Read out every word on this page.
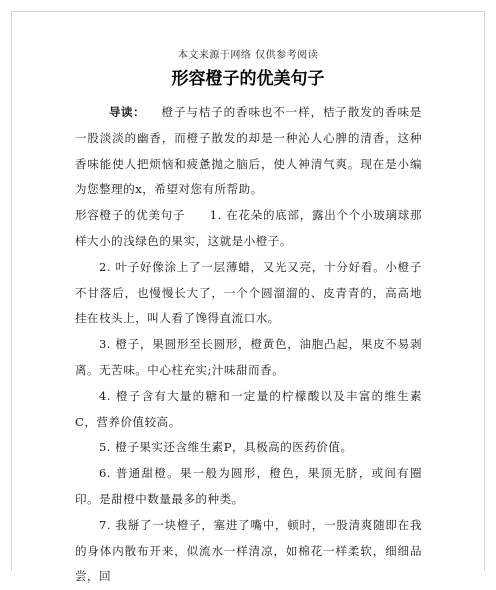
本文来源于网络 仅供参考阅读
形容橙子的优美句子

导读： 橙子与桔子的香味也不一样，桔子散发的香味是一股淡淡的幽香，而橙子散发的却是一种沁人心脾的清香，这种香味能使人把烦恼和疲惫抛之脑后，使人神清气爽。现在是小编为您整理的x，希望对您有所帮助。

形容橙子的优美句子　　1. 在花朵的底部，露出个个小玻璃球那样大小的浅绿色的果实，这就是小橙子。

2. 叶子好像涂上了一层薄蜡，又光又亮，十分好看。小橙子不甘落后，也慢慢长大了，一个个圆溜溜的、皮青青的，高高地挂在枝头上，叫人看了馋得直流口水。

3. 橙子，果圆形至长圆形，橙黄色，油胞凸起，果皮不易剥离。无苦味。中心柱充实;汁味甜而香。

4. 橙子含有大量的糖和一定量的柠檬酸以及丰富的维生素C，营养价值较高。

5. 橙子果实还含维生素P，具极高的医药价值。

6. 普通甜橙。果一般为圆形，橙色，果顶无脐，或间有圈印。是甜橙中数量最多的种类。

7. 我掰了一块橙子，塞进了嘴中，顿时，一股清爽随即在我的身体内散布开来，似流水一样清凉，如棉花一样柔软，细细品尝，回
